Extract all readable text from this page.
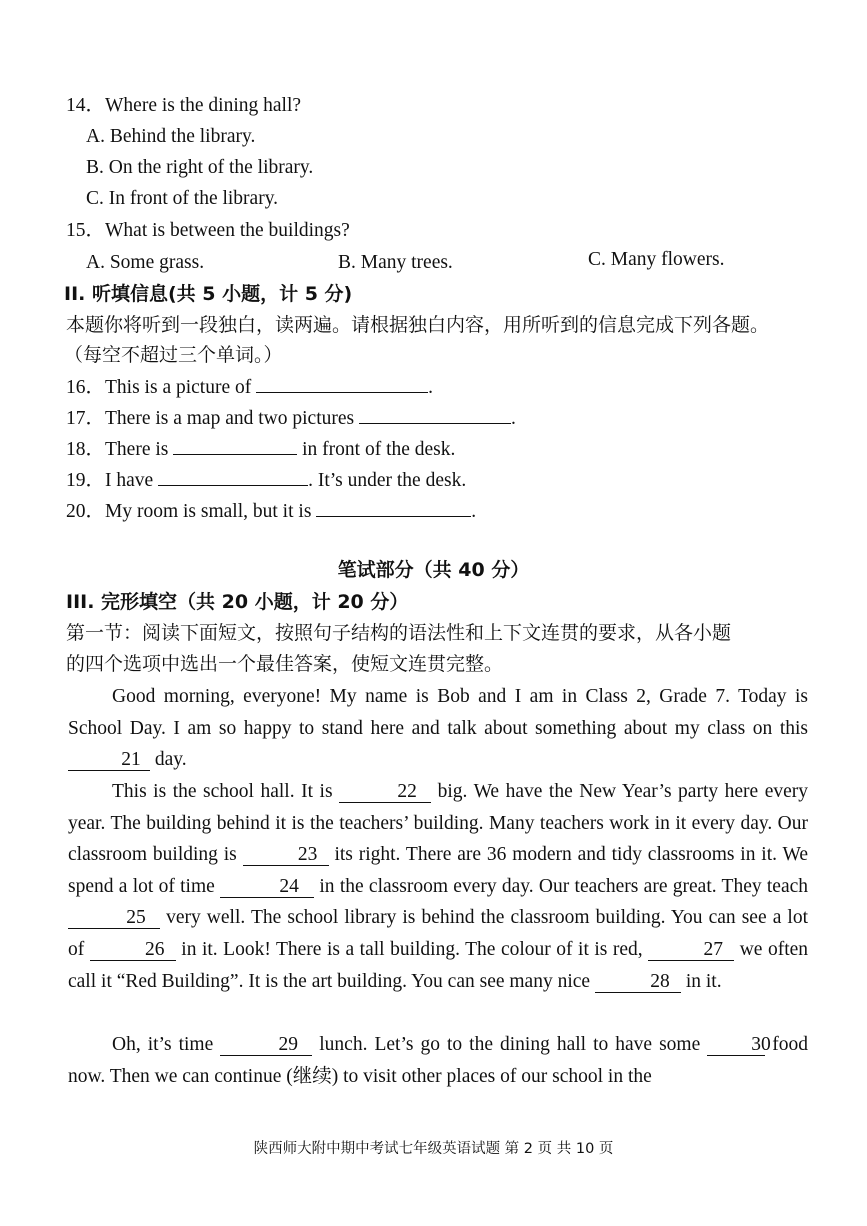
14．Where is the dining hall?
A. Behind the library.
B. On the right of the library.
C. In front of the library.
15．What is between the buildings?
A. Some grass.	B. Many trees.	C. Many flowers.
II. 听填信息(共 5 小题，计 5 分)
本题你将听到一段独白，读两遍。请根据独白内容，用所听到的信息完成下列各题。
（每空不超过三个单词。）
16．This is a picture of	.
17．There is a map and two pictures	.
18．There is	in front of the desk.
19．I have	. It’s under the desk.
20．My room is small, but it is	.
笔试部分（共 40 分）
III. 完形填空（共 20 小题，计 20 分）
第一节：阅读下面短文，按照句子结构的语法性和上下文连贯的要求，从各小题
的四个选项中选出一个最佳答案，使短文连贯完整。
Good morning, everyone! My name is Bob and I am in Class 2, Grade 7. Today is School Day. I am so happy to stand here and talk about something about my class on this 21 day.
This is the school hall. It is	22 big. We have the New Year’s party here every year. The building behind it is the teachers’ building. Many teachers work in it every day. Our classroom building is	23 its right. There are 36 modern and tidy classrooms in it. We spend a lot of time	24 in the classroom every day. Our teachers are great. They teach 25 very well. The school library is behind the classroom building. You can see a lot of	26 in it. Look! There is a tall building. The colour of it is red,	27 we often call it “Red Building”. It is the art building. You can see many nice	28 in it.
Oh, it’s time	29 lunch. Let’s go to the dining hall to have some	30 food now. Then we can continue (继续) to visit other places of our school in the
陕西师大附中期中考试七年级英语试题 第 2 页 共 10 页
